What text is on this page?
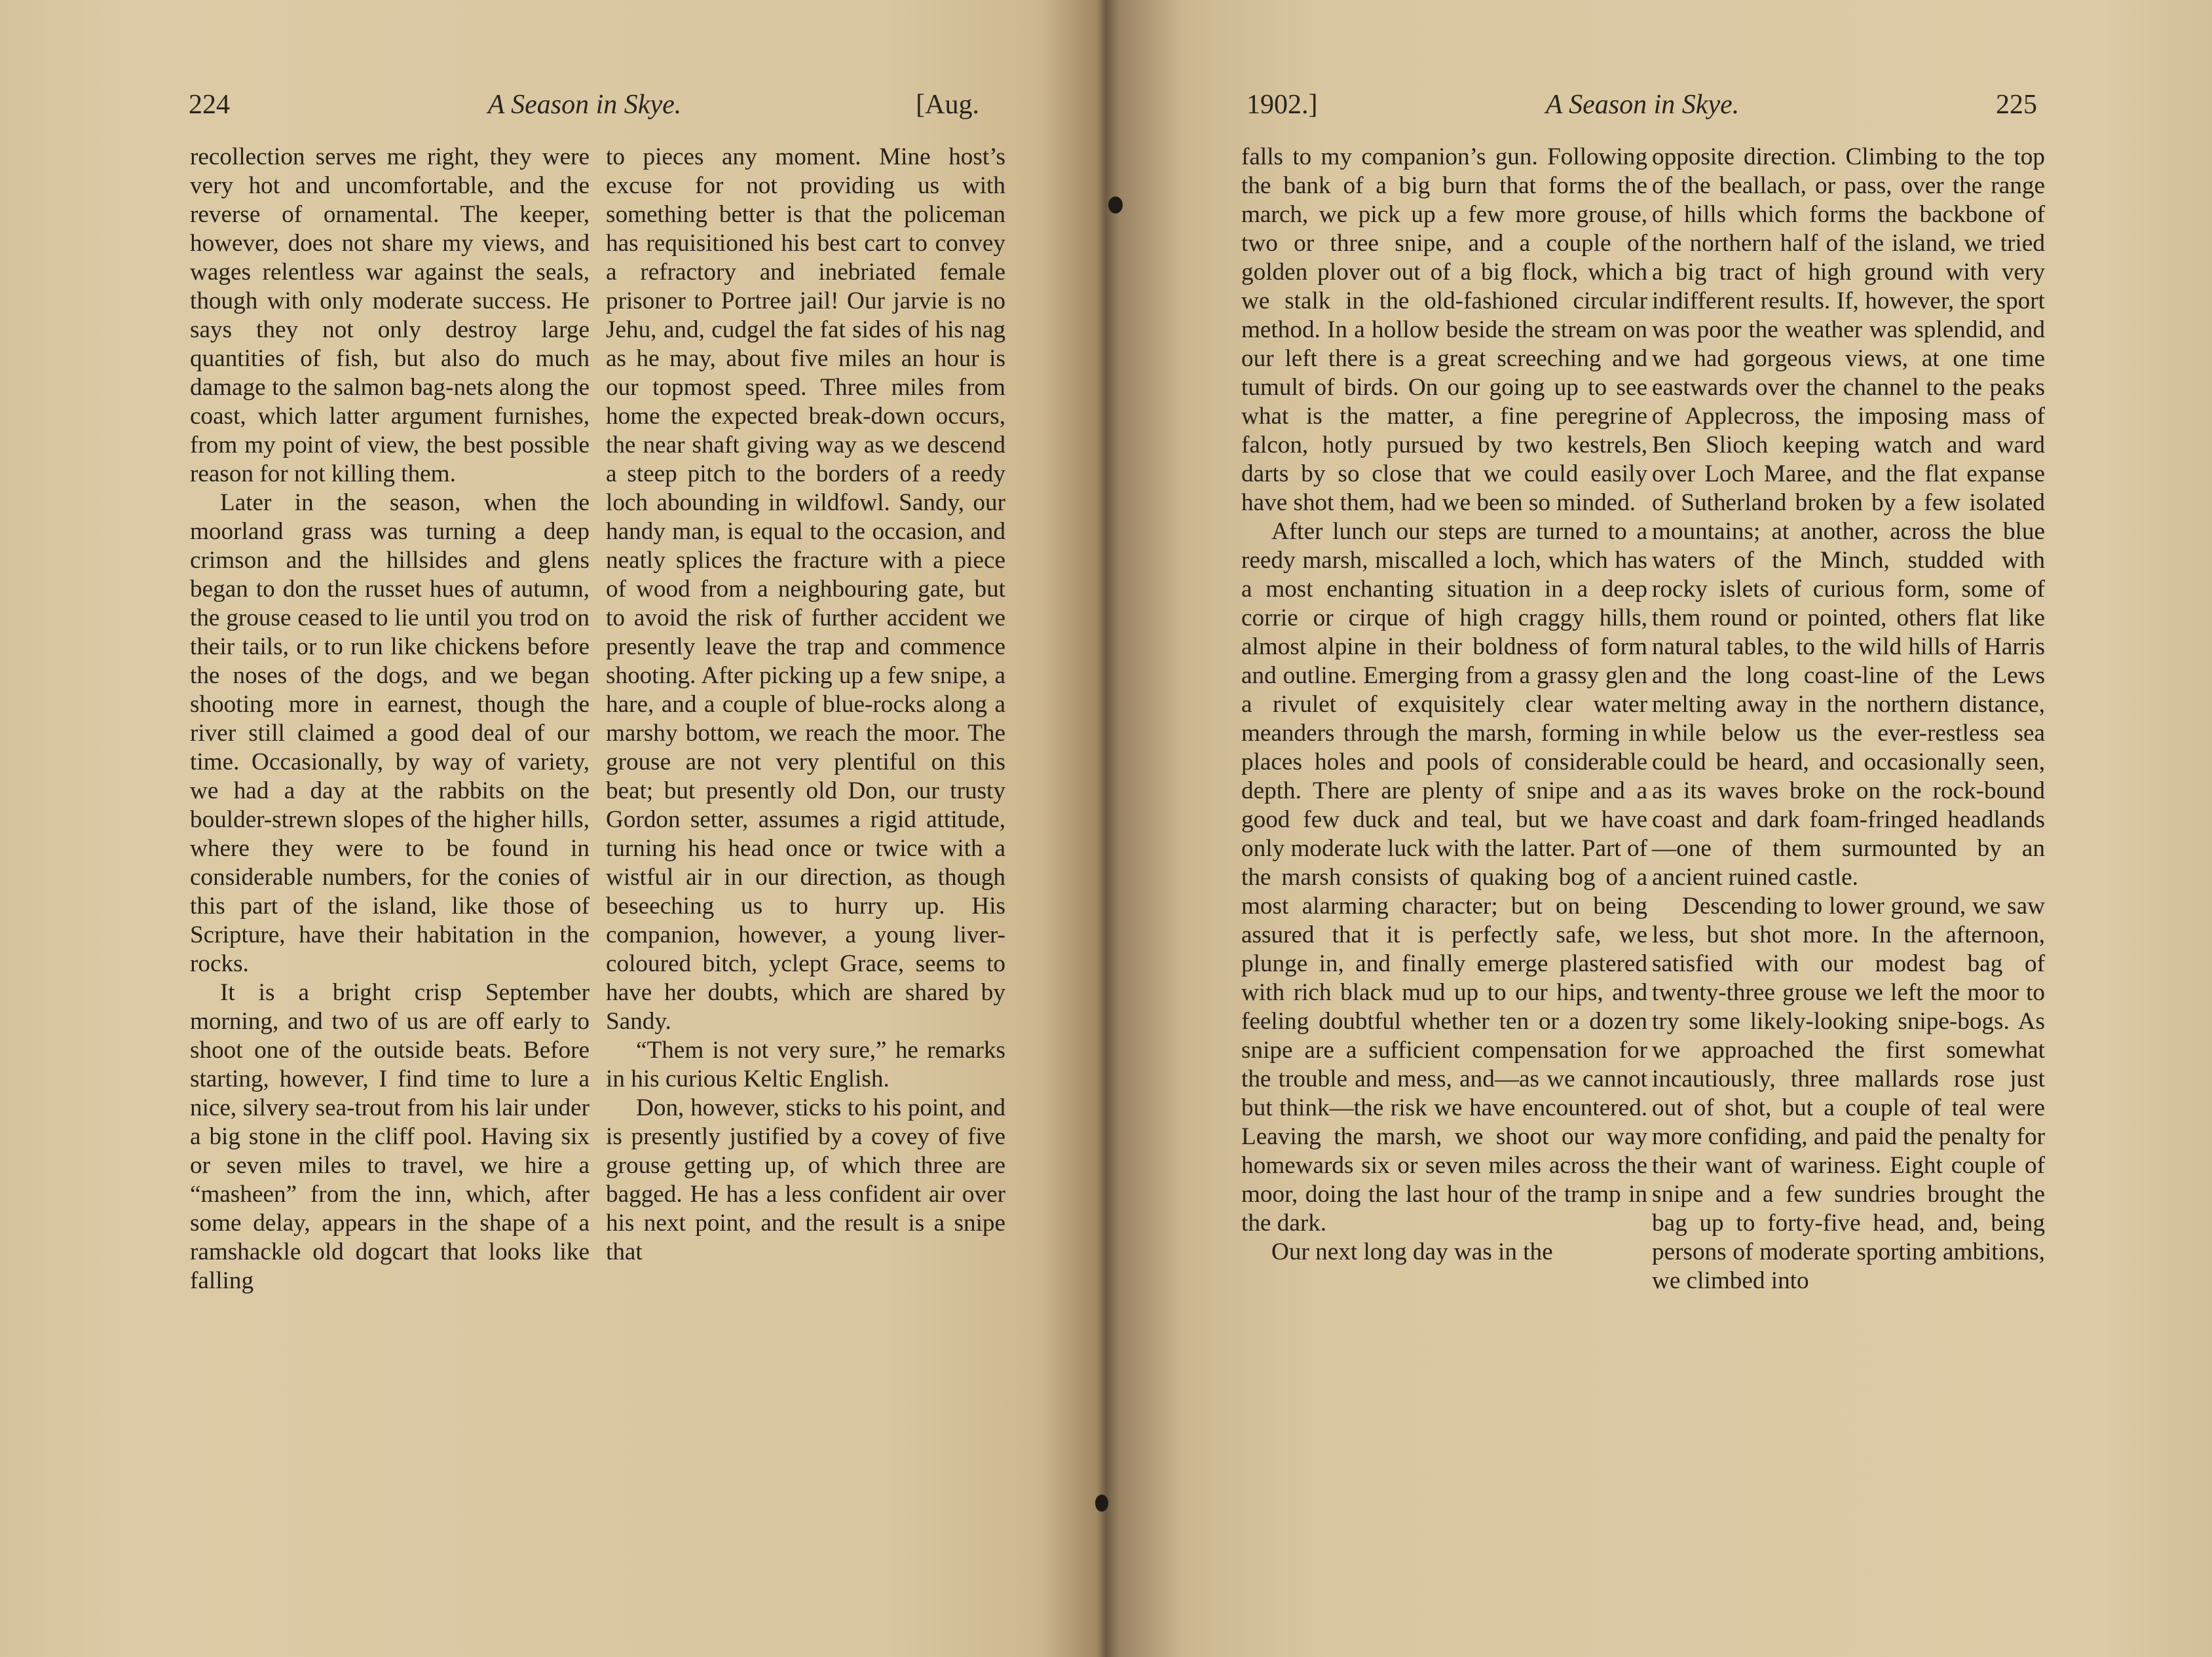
224	A Season in Skye.	[Aug.

recollection serves me right, they were very hot and uncomfortable, and the reverse of ornamental. The keeper, however, does not share my views, and wages relentless war against the seals, though with only moderate success. He says they not only destroy large quantities of fish, but also do much damage to the salmon bag-nets along the coast, which latter argument furnishes, from my point of view, the best possible reason for not killing them.

Later in the season, when the moorland grass was turning a deep crimson and the hillsides and glens began to don the russet hues of autumn, the grouse ceased to lie until you trod on their tails, or to run like chickens before the noses of the dogs, and we began shooting more in earnest, though the river still claimed a good deal of our time. Occasionally, by way of variety, we had a day at the rabbits on the boulder-strewn slopes of the higher hills, where they were to be found in considerable numbers, for the conies of this part of the island, like those of Scripture, have their habitation in the rocks.

It is a bright crisp September morning, and two of us are off early to shoot one of the outside beats. Before starting, however, I find time to lure a nice, silvery sea-trout from his lair under a big stone in the cliff pool. Having six or seven miles to travel, we hire a “masheen” from the inn, which, after some delay, appears in the shape of a ramshackle old dogcart that looks like falling

to pieces any moment. Mine host’s excuse for not providing us with something better is that the policeman has requisitioned his best cart to convey a refractory and inebriated female prisoner to Portree jail! Our jarvie is no Jehu, and, cudgel the fat sides of his nag as he may, about five miles an hour is our topmost speed. Three miles from home the expected break-down occurs, the near shaft giving way as we descend a steep pitch to the borders of a reedy loch abounding in wildfowl. Sandy, our handy man, is equal to the occasion, and neatly splices the fracture with a piece of wood from a neighbouring gate, but to avoid the risk of further accident we presently leave the trap and commence shooting. After picking up a few snipe, a hare, and a couple of blue-rocks along a marshy bottom, we reach the moor. The grouse are not very plentiful on this beat; but presently old Don, our trusty Gordon setter, assumes a rigid attitude, turning his head once or twice with a wistful air in our direction, as though beseeching us to hurry up. His companion, however, a young liver-coloured bitch, yclept Grace, seems to have her doubts, which are shared by Sandy.

“Them is not very sure,” he remarks in his curious Keltic English.

Don, however, sticks to his point, and is presently justified by a covey of five grouse getting up, of which three are bagged. He has a less confident air over his next point, and the result is a snipe that

1902.]	A Season in Skye.	225

falls to my companion’s gun. Following the bank of a big burn that forms the march, we pick up a few more grouse, two or three snipe, and a couple of golden plover out of a big flock, which we stalk in the old-fashioned circular method. In a hollow beside the stream on our left there is a great screeching and tumult of birds. On our going up to see what is the matter, a fine peregrine falcon, hotly pursued by two kestrels, darts by so close that we could easily have shot them, had we been so minded.

After lunch our steps are turned to a reedy marsh, miscalled a loch, which has a most enchanting situation in a deep corrie or cirque of high craggy hills, almost alpine in their boldness of form and outline. Emerging from a grassy glen a rivulet of exquisitely clear water meanders through the marsh, forming in places holes and pools of considerable depth. There are plenty of snipe and a good few duck and teal, but we have only moderate luck with the latter. Part of the marsh consists of quaking bog of a most alarming character; but on being assured that it is perfectly safe, we plunge in, and finally emerge plastered with rich black mud up to our hips, and feeling doubtful whether ten or a dozen snipe are a sufficient compensation for the trouble and mess, and—as we cannot but think—the risk we have encountered. Leaving the marsh, we shoot our way homewards six or seven miles across the moor, doing the last hour of the tramp in the dark.

Our next long day was in the

opposite direction. Climbing to the top of the beallach, or pass, over the range of hills which forms the backbone of the northern half of the island, we tried a big tract of high ground with very indifferent results. If, however, the sport was poor the weather was splendid, and we had gorgeous views, at one time eastwards over the channel to the peaks of Applecross, the imposing mass of Ben Slioch keeping watch and ward over Loch Maree, and the flat expanse of Sutherland broken by a few isolated mountains; at another, across the blue waters of the Minch, studded with rocky islets of curious form, some of them round or pointed, others flat like natural tables, to the wild hills of Harris and the long coast-line of the Lews melting away in the northern distance, while below us the ever-restless sea could be heard, and occasionally seen, as its waves broke on the rock-bound coast and dark foam-fringed headlands—one of them surmounted by an ancient ruined castle.

Descending to lower ground, we saw less, but shot more. In the afternoon, satisfied with our modest bag of twenty-three grouse we left the moor to try some likely-looking snipe-bogs. As we approached the first somewhat incautiously, three mallards rose just out of shot, but a couple of teal were more confiding, and paid the penalty for their want of wariness. Eight couple of snipe and a few sundries brought the bag up to forty-five head, and, being persons of moderate sporting ambitions, we climbed into
